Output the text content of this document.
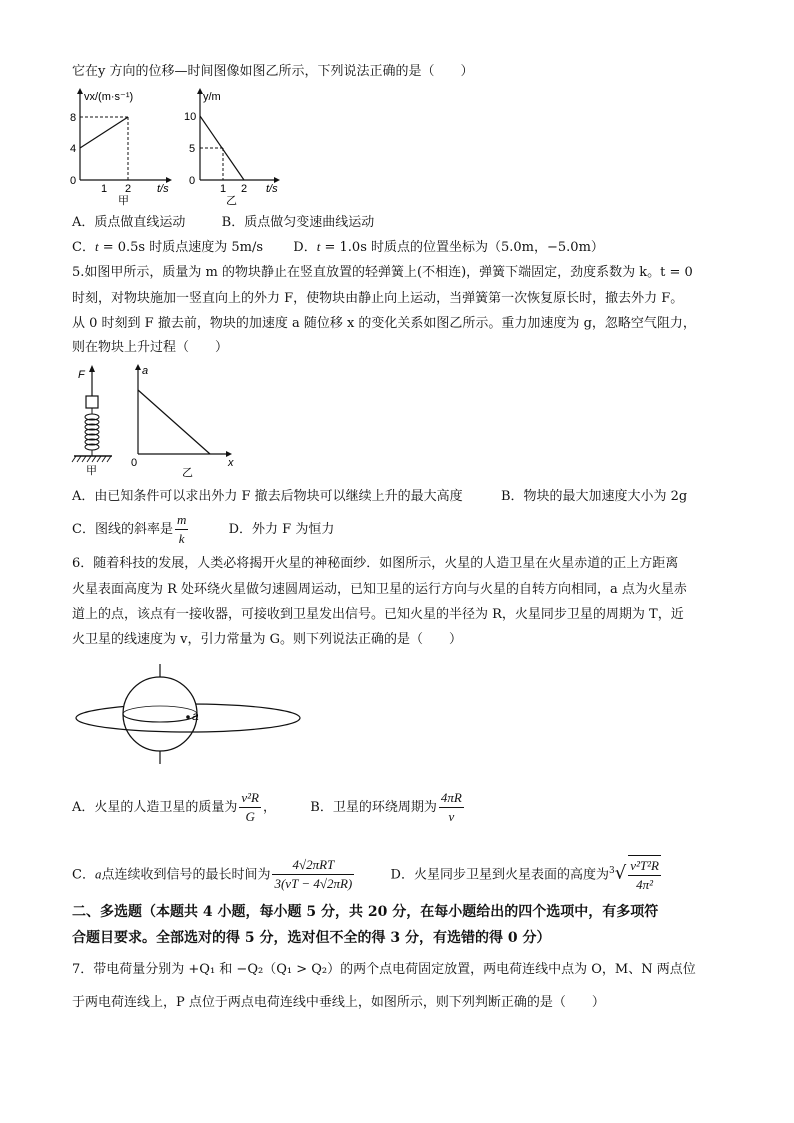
它在y 方向的位移—时间图像如图乙所示，下列说法正确的是（　　）
vx/(m·s⁻¹)
8
4
0
1 2 t/s
甲
y/m
10
5
0
1 2 t/s
乙
A．质点做直线运动	B．质点做匀变速曲线运动
C．t = 0.5s 时质点速度为 5m/s D．t = 1.0s 时质点的位置坐标为（5.0m，−5.0m）
5.如图甲所示，质量为 m 的物块静止在竖直放置的轻弹簧上(不相连)，弹簧下端固定，劲度系数为 k。t = 0
时刻，对物块施加一竖直向上的外力 F，使物块由静止向上运动，当弹簧第一次恢复原长时，撤去外力 F。
从 0 时刻到 F 撤去前，物块的加速度 a 随位移 x 的变化关系如图乙所示。重力加速度为 g，忽略空气阻力，
则在物块上升过程（　　）
F
甲
a
x
0
乙
A．由已知条件可以求出外力 F 撤去后物块可以继续上升的最大高度	B．物块的最大加速度大小为 2g
C．图线的斜率是 $\frac{m}{k}$	D．外力 F 为恒力
6．随着科技的发展，人类必将揭开火星的神秘面纱．如图所示，火星的人造卫星在火星赤道的正上方距离
火星表面高度为 R 处环绕火星做匀速圆周运动，已知卫星的运行方向与火星的自转方向相同，a 点为火星赤
道上的点，该点有一接收器，可接收到卫星发出信号。已知火星的半径为 R，火星同步卫星的周期为 T，近
火卫星的线速度为 v，引力常量为 G。则下列说法正确的是（　　）
a
A．火星的人造卫星的质量为 $\frac{\text{v²R}}{G}$ ，	B．卫星的环绕周期为 $\frac{4\pi R}{v}$
C．a点连续收到信号的最长时间为 $\frac{\text{4√2πRT}}{3(vT - 4√2\pi R)}$	D．火星同步卫星到火星表面的高度为$^3√ \frac{\text{v²T²R}}{\text{4π²}}$
二、多选题（本题共 4 小题，每小题 5 分，共 20 分，在每小题给出的四个选项中，有多项符
合题目要求。全部选对的得 5 分，选对但不全的得 3 分，有选错的得 0 分）
7．带电荷量分别为 +Q₁ 和 −Q₂（Q₁ > Q₂）的两个点电荷固定放置，两电荷连线中点为 O，M、N 两点位
于两电荷连线上，P 点位于两点电荷连线中垂线上，如图所示，则下列判断正确的是（　　）
